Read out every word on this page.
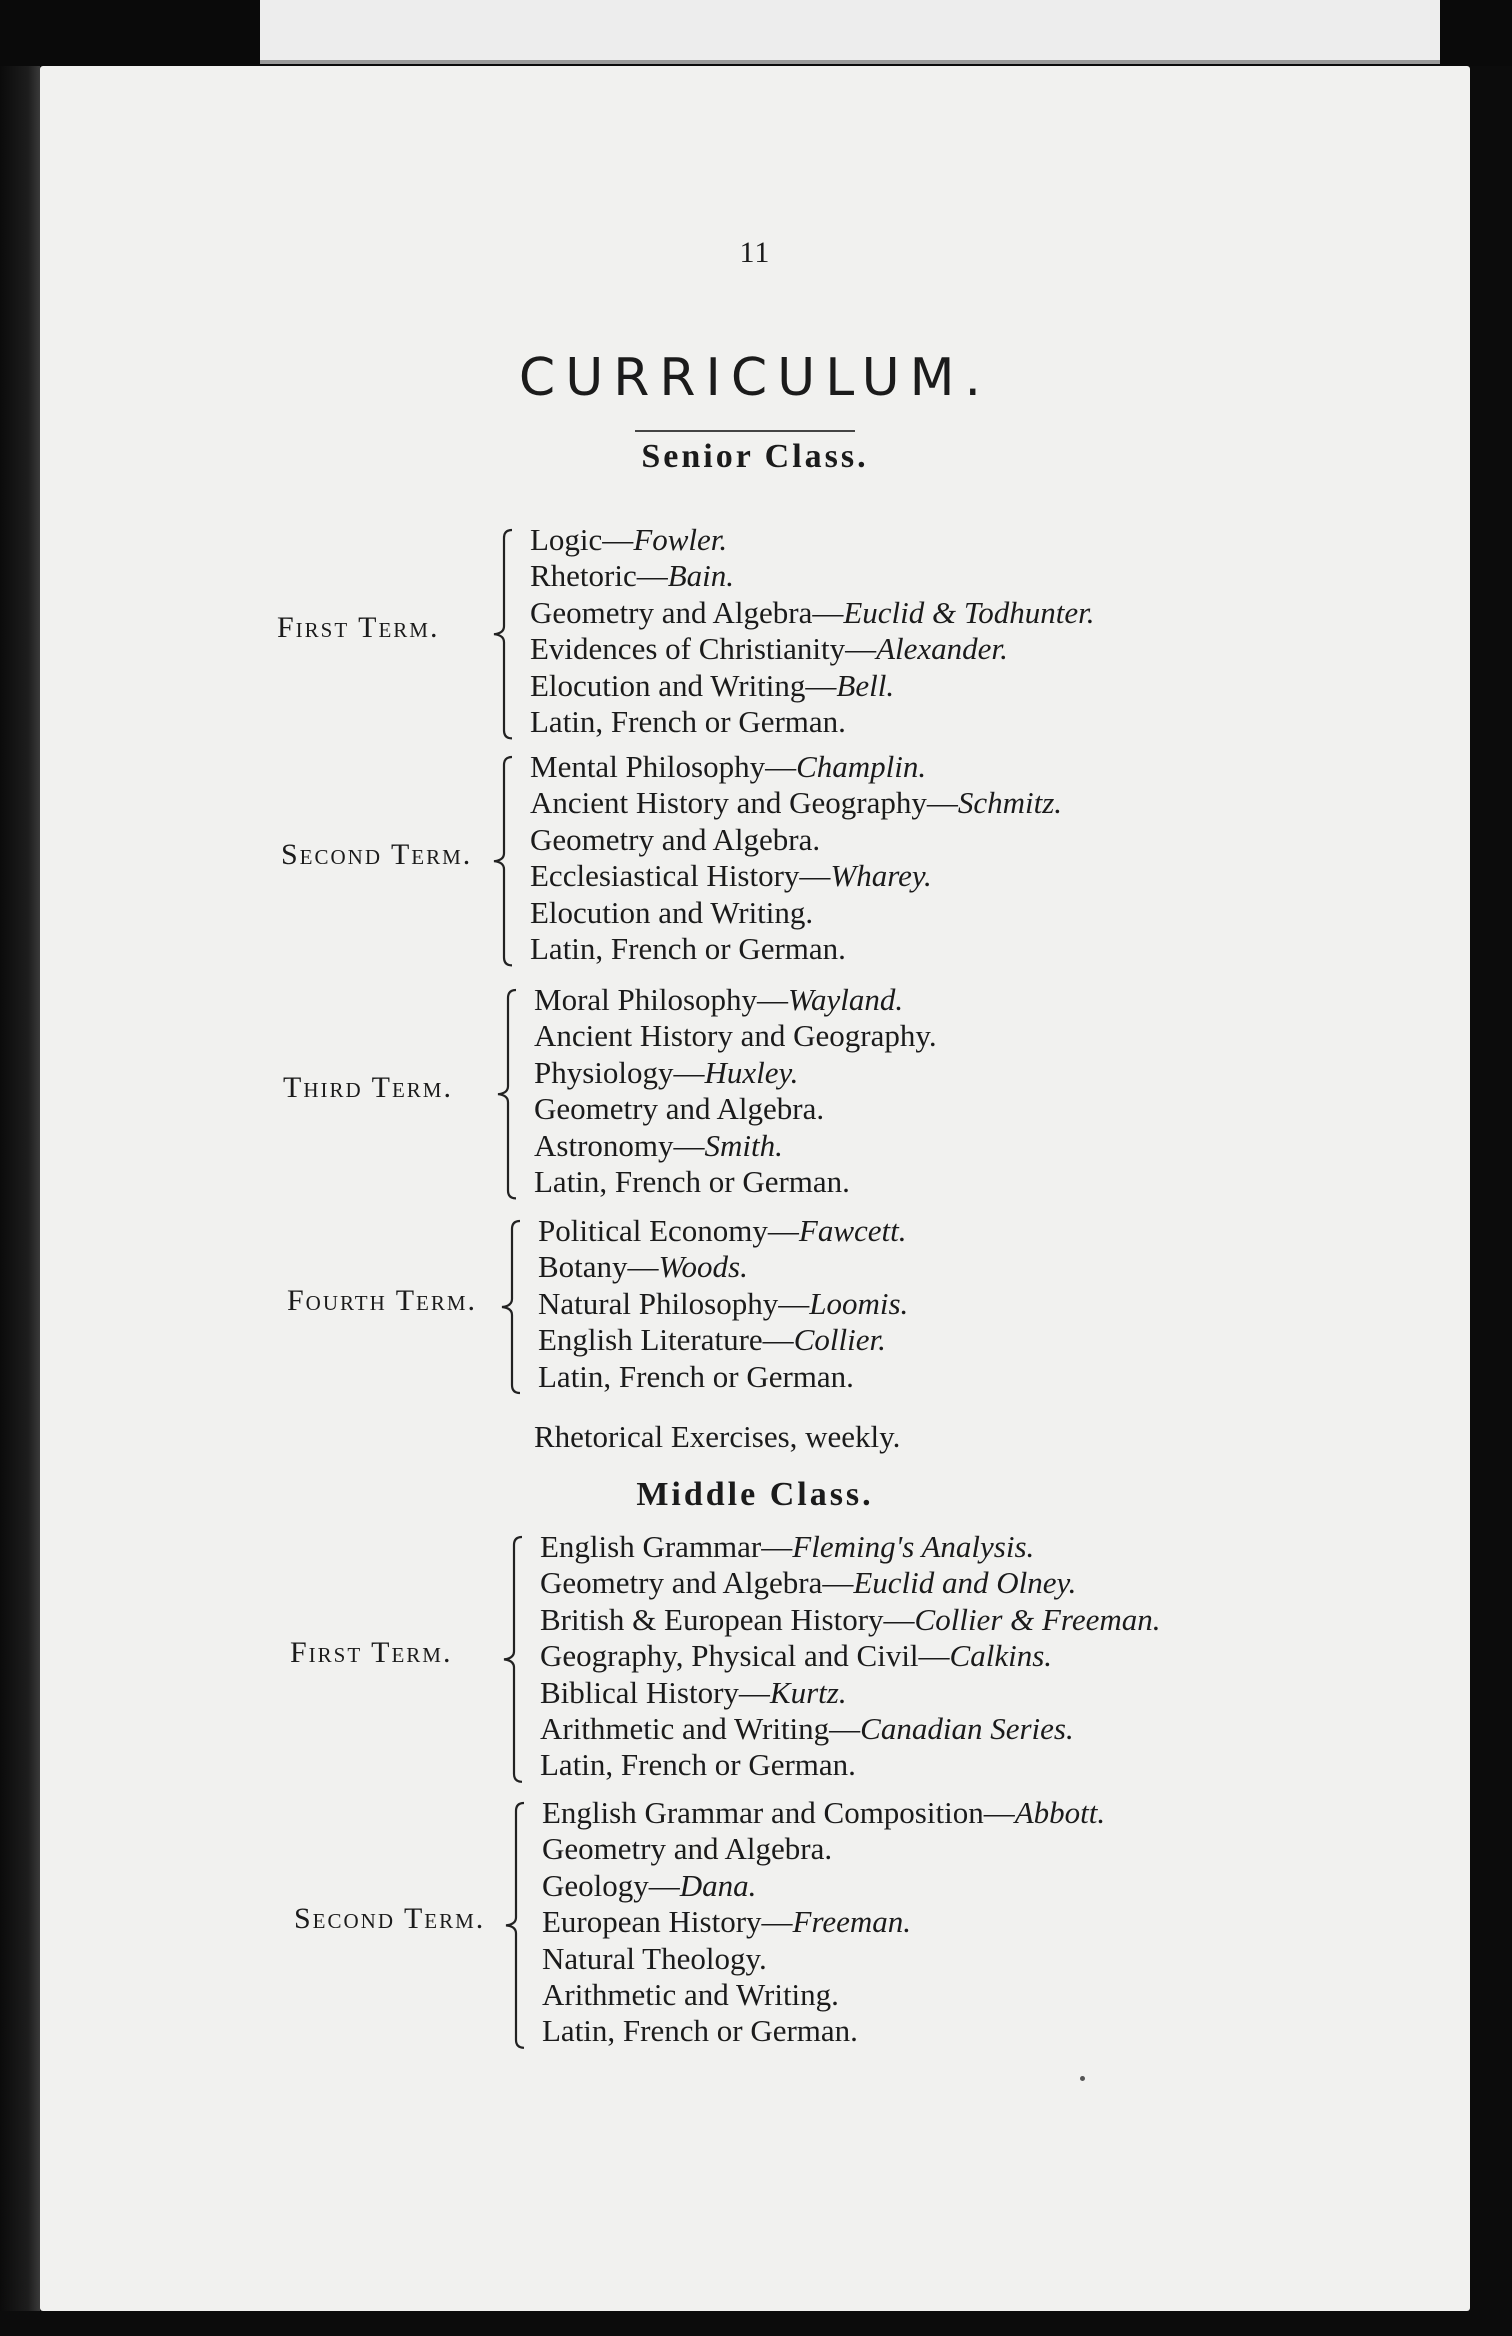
11
CURRICULUM.
Senior Class.
First Term.
Logic—Fowler.
Rhetoric—Bain.
Geometry and Algebra—Euclid & Todhunter.
Evidences of Christianity—Alexander.
Elocution and Writing—Bell.
Latin, French or German.
Second Term.
Mental Philosophy—Champlin.
Ancient History and Geography—Schmitz.
Geometry and Algebra.
Ecclesiastical History—Wharey.
Elocution and Writing.
Latin, French or German.
Third Term.
Moral Philosophy—Wayland.
Ancient History and Geography.
Physiology—Huxley.
Geometry and Algebra.
Astronomy—Smith.
Latin, French or German.
Fourth Term.
Political Economy—Fawcett.
Botany—Woods.
Natural Philosophy—Loomis.
English Literature—Collier.
Latin, French or German.
Rhetorical Exercises, weekly.
Middle Class.
First Term.
English Grammar—Fleming's Analysis.
Geometry and Algebra—Euclid and Olney.
British & European History—Collier & Freeman.
Geography, Physical and Civil—Calkins.
Biblical History—Kurtz.
Arithmetic and Writing—Canadian Series.
Latin, French or German.
Second Term.
English Grammar and Composition—Abbott.
Geometry and Algebra.
Geology—Dana.
European History—Freeman.
Natural Theology.
Arithmetic and Writing.
Latin, French or German.
